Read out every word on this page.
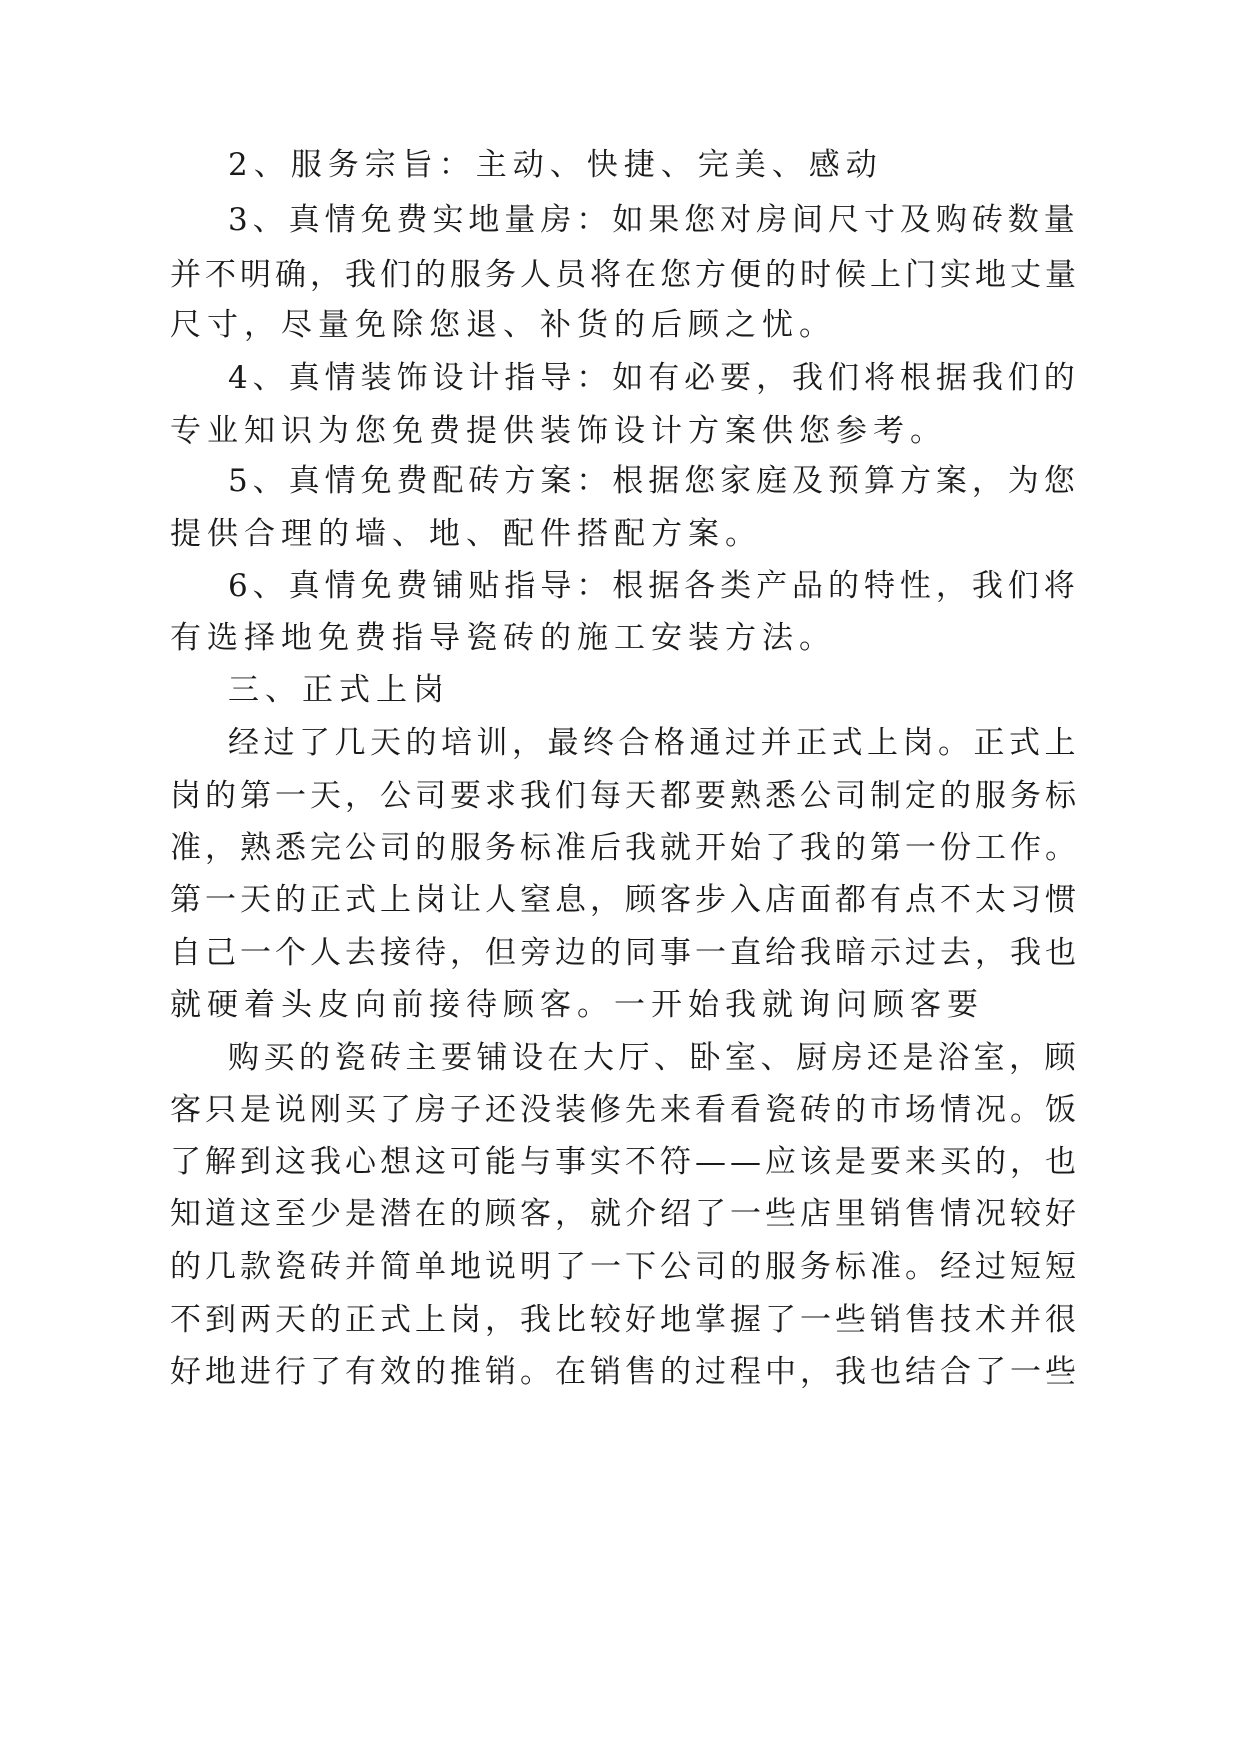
2、服务宗旨：主动、快捷、完美、感动
3、真情免费实地量房：如果您对房间尺寸及购砖数量
并不明确，我们的服务人员将在您方便的时候上门实地丈量
尺寸，尽量免除您退、补货的后顾之忧。
4、真情装饰设计指导：如有必要，我们将根据我们的
专业知识为您免费提供装饰设计方案供您参考。
5、真情免费配砖方案：根据您家庭及预算方案，为您
提供合理的墙、地、配件搭配方案。
6、真情免费铺贴指导：根据各类产品的特性，我们将
有选择地免费指导瓷砖的施工安装方法。
三、正式上岗
经过了几天的培训，最终合格通过并正式上岗。正式上
岗的第一天，公司要求我们每天都要熟悉公司制定的服务标
准，熟悉完公司的服务标准后我就开始了我的第一份工作。
第一天的正式上岗让人窒息，顾客步入店面都有点不太习惯
自己一个人去接待，但旁边的同事一直给我暗示过去，我也
就硬着头皮向前接待顾客。一开始我就询问顾客要
购买的瓷砖主要铺设在大厅、卧室、厨房还是浴室，顾
客只是说刚买了房子还没装修先来看看瓷砖的市场情况。饭
了解到这我心想这可能与事实不符——应该是要来买的，也
知道这至少是潜在的顾客，就介绍了一些店里销售情况较好
的几款瓷砖并简单地说明了一下公司的服务标准。经过短短
不到两天的正式上岗，我比较好地掌握了一些销售技术并很
好地进行了有效的推销。在销售的过程中，我也结合了一些
